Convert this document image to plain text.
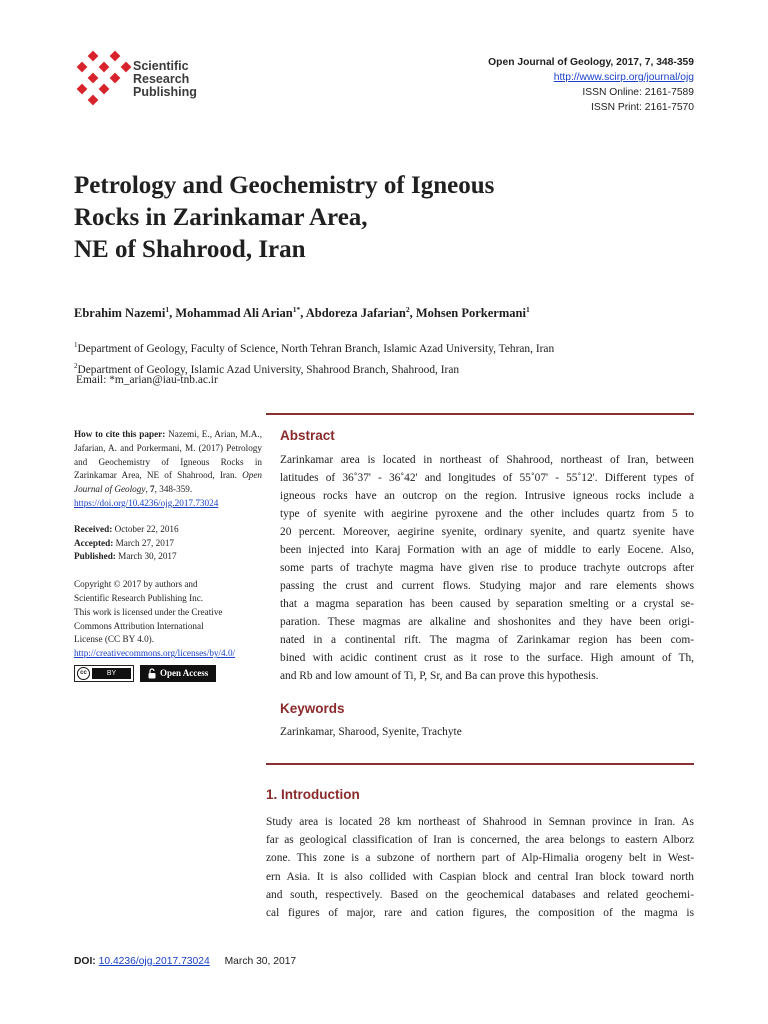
Scientific
Research
Publishing
Open Journal of Geology, 2017, 7, 348-359
http://www.scirp.org/journal/ojg
ISSN Online: 2161-7589
ISSN Print: 2161-7570
Petrology and Geochemistry of Igneous
Rocks in Zarinkamar Area,
NE of Shahrood, Iran
Ebrahim Nazemi$^1$, Mohammad Ali Arian$^{1*}$, Abdoreza Jafarian$^2$, Mohsen Porkermani$^1$
$^1$Department of Geology, Faculty of Science, North Tehran Branch, Islamic Azad University, Tehran, Iran
$^2$Department of Geology, Islamic Azad University, Shahrood Branch, Shahrood, Iran
Email: *m_arian@iau-tnb.ac.ir

How to cite this paper: Nazemi, E., Arian, M.A., Jafarian, A. and Porkermani, M. (2017) Petrology and Geochemistry of Igneous Rocks in Zarinkamar Area, NE of Shahrood, Iran. Open Journal of Geology, 7, 348-359.
https://doi.org/10.4236/ojg.2017.73024

Received: October 22, 2016
Accepted: March 27, 2017
Published: March 30, 2017

Copyright © 2017 by authors and
Scientific Research Publishing Inc.
This work is licensed under the Creative
Commons Attribution International
License (CC BY 4.0).
http://creativecommons.org/licenses/by/4.0/

cc	BY	Open Access
Abstract

Zarinkamar area is located in northeast of Shahrood, northeast of Iran, between
latitudes of 36˚37' - 36˚42' and longitudes of 55˚07' - 55˚12'. Different types of
igneous rocks have an outcrop on the region. Intrusive igneous rocks include a
type of syenite with aegirine pyroxene and the other includes quartz from 5 to
20 percent. Moreover, aegirine syenite, ordinary syenite, and quartz syenite have
been injected into Karaj Formation with an age of middle to early Eocene. Also,
some parts of trachyte magma have given rise to produce trachyte outcrops after
passing the crust and current flows. Studying major and rare elements shows
that a magma separation has been caused by separation smelting or a crystal se-
paration. These magmas are alkaline and shoshonites and they have been origi-
nated in a continental rift. The magma of Zarinkamar region has been com-
bined with acidic continent crust as it rose to the surface. High amount of Th,
and Rb and low amount of Ti, P, Sr, and Ba can prove this hypothesis.

Keywords
Zarinkamar, Sharood, Syenite, Trachyte
1. Introduction

Study area is located 28 km northeast of Shahrood in Semnan province in Iran. As
far as geological classification of Iran is concerned, the area belongs to eastern Alborz
zone. This zone is a subzone of northern part of Alp-Himalia orogeny belt in West-
ern Asia. It is also collided with Caspian block and central Iran block toward north
and south, respectively. Based on the geochemical databases and related geochemi-
cal figures of major, rare and cation figures, the composition of the magma is

DOI: 10.4236/ojg.2017.73024 March 30, 2017
